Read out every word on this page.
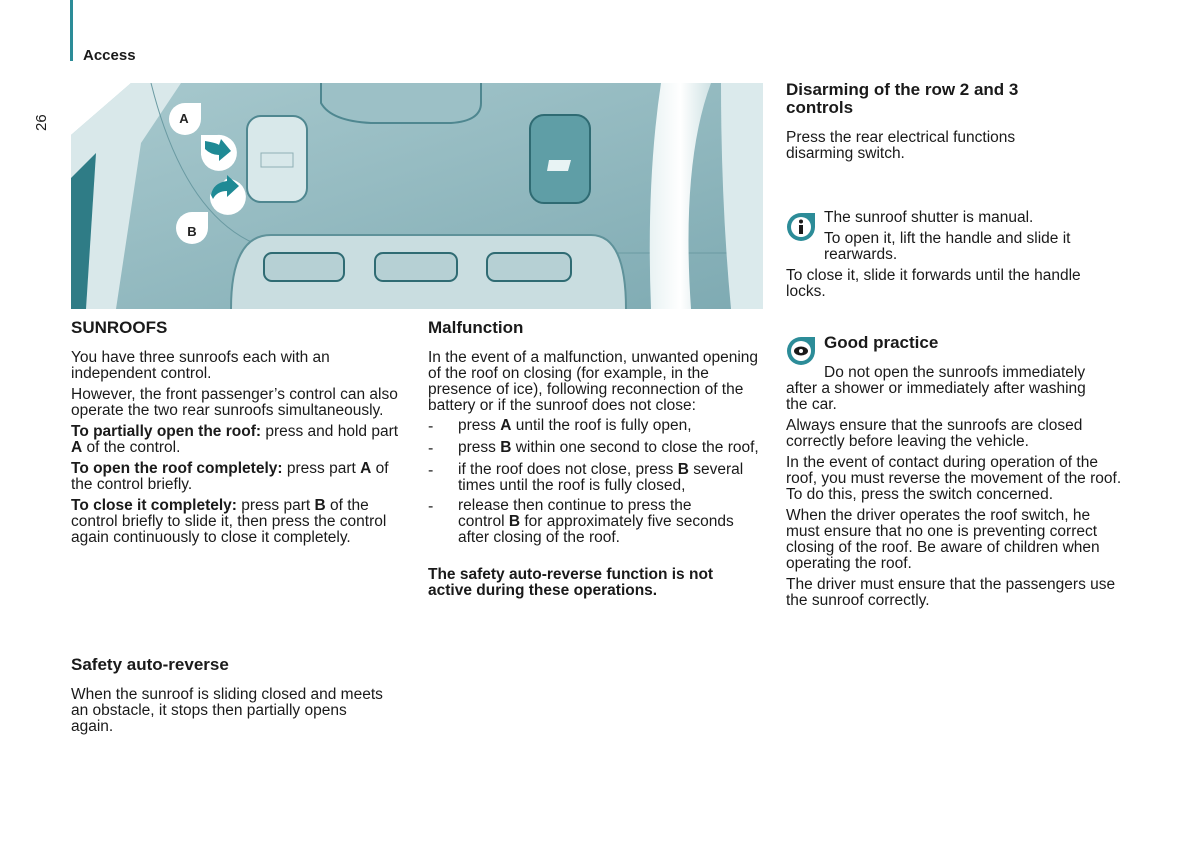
Access
26	A
B
SUNROOFS

You have three sunroofs each with an independent control.

However, the front passenger’s control can also operate the two rear sunroofs simultaneously.

To partially open the roof: press and hold part A of the control.

To open the roof completely: press part A of the control briefly.

To close it completely: press part B of the control briefly to slide it, then press the control again continuously to close it completely.

Safety auto-reverse

When the sunroof is sliding closed and meets an obstacle, it stops then partially opens again.

Malfunction

In the event of a malfunction, unwanted opening of the roof on closing (for example, in the presence of ice), following reconnection of the battery or if the sunroof does not close:

-	press A until the roof is fully open,

-	press B within one second to close the roof,

-	if the roof does not close, press B several times until the roof is fully closed,

-	release then continue to press the control B for approximately five seconds after closing of the roof.

The safety auto-reverse function is not active during these operations.

Disarming of the row 2 and 3 controls

Press the rear electrical functions disarming switch.

The sunroof shutter is manual.

To open it, lift the handle and slide it rearwards.

To close it, slide it forwards until the handle locks.

Good practice

Do not open the sunroofs immediately after a shower or immediately after washing the car.

Always ensure that the sunroofs are closed correctly before leaving the vehicle.

In the event of contact during operation of the roof, you must reverse the movement of the roof. To do this, press the switch concerned.

When the driver operates the roof switch, he must ensure that no one is preventing correct closing of the roof. Be aware of children when operating the roof.

The driver must ensure that the passengers use the sunroof correctly.
